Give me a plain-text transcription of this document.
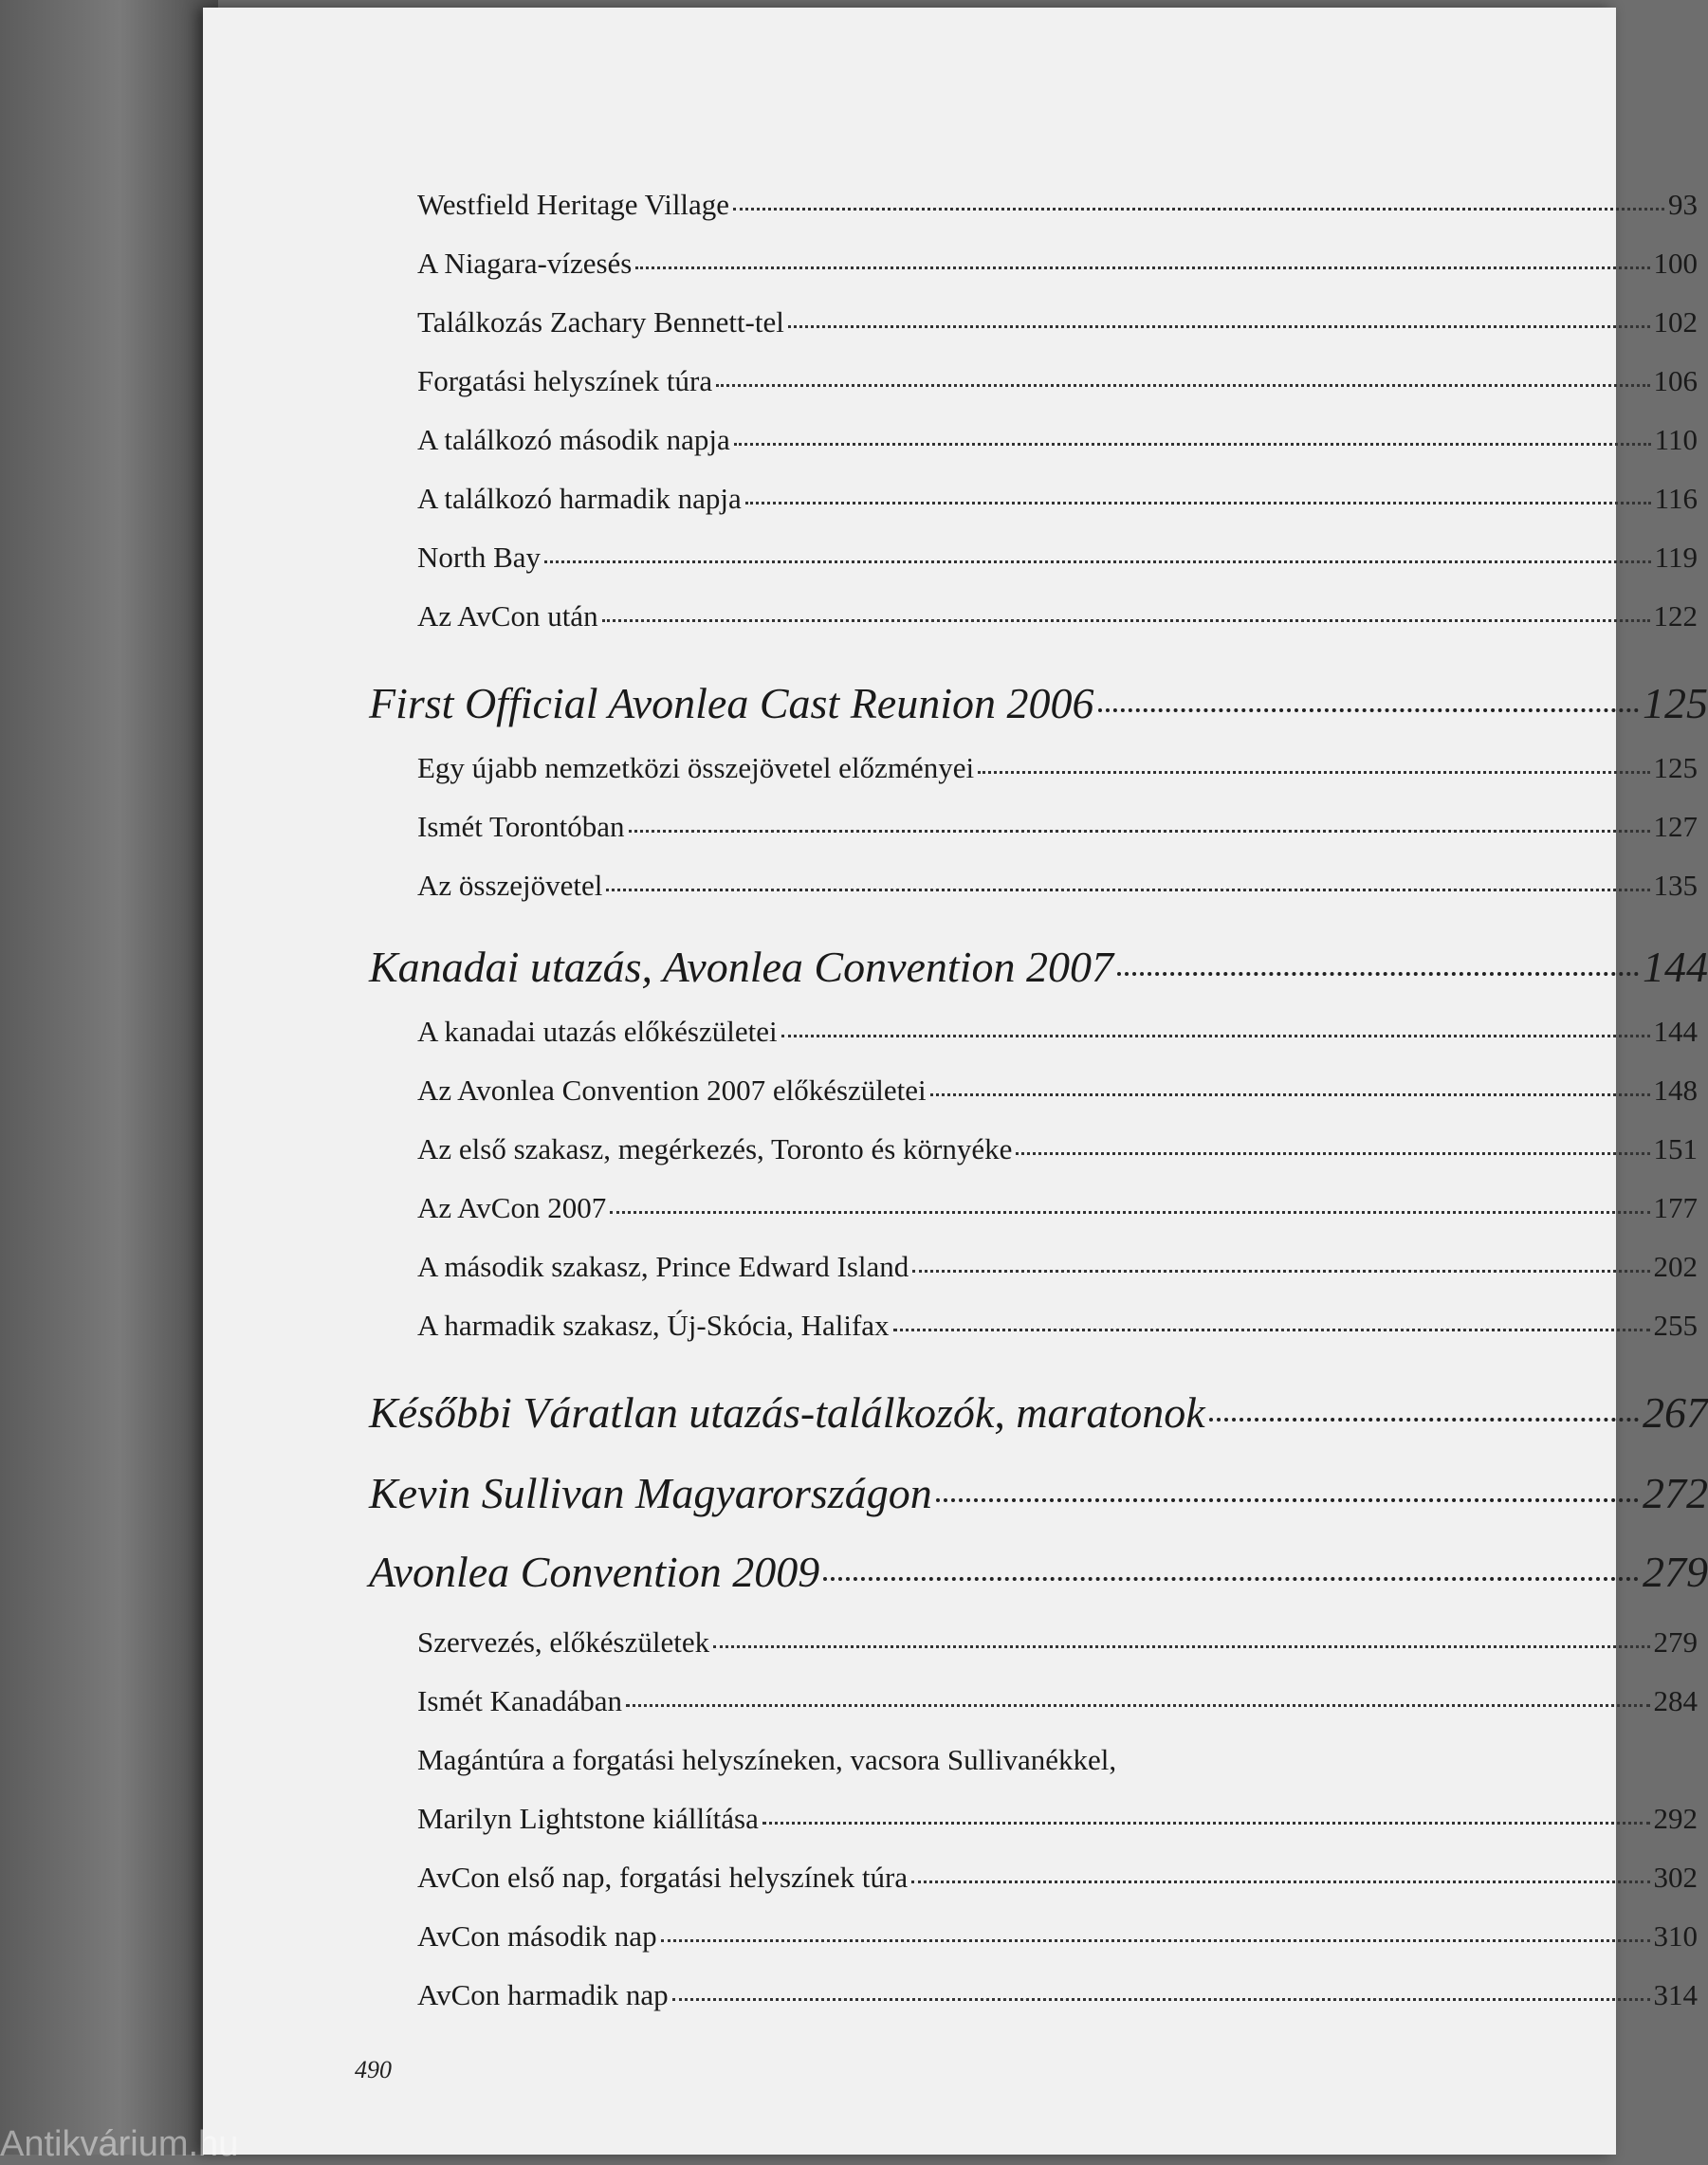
Westfield Heritage Village	93
A Niagara-vízesés	100
Találkozás Zachary Bennett-tel	102
Forgatási helyszínek túra	106
A találkozó második napja	110
A találkozó harmadik napja	116
North Bay	119
Az AvCon után	122
First Official Avonlea Cast Reunion 2006	125
Egy újabb nemzetközi összejövetel előzményei	125
Ismét Torontóban	127
Az összejövetel	135
Kanadai utazás, Avonlea Convention 2007	144
A kanadai utazás előkészületei	144
Az Avonlea Convention 2007 előkészületei	148
Az első szakasz, megérkezés, Toronto és környéke	151
Az AvCon 2007	177
A második szakasz, Prince Edward Island	202
A harmadik szakasz, Új-Skócia, Halifax	255
Későbbi Váratlan utazás-találkozók, maratonok	267
Kevin Sullivan Magyarországon	272
Avonlea Convention 2009	279
Szervezés, előkészületek	279
Ismét Kanadában	284
Magántúra a forgatási helyszíneken, vacsora Sullivanékkel,
Marilyn Lightstone kiállítása	292
AvCon első nap, forgatási helyszínek túra	302
AvCon második nap	310
AvCon harmadik nap	314
490
Antikvárium.hu
